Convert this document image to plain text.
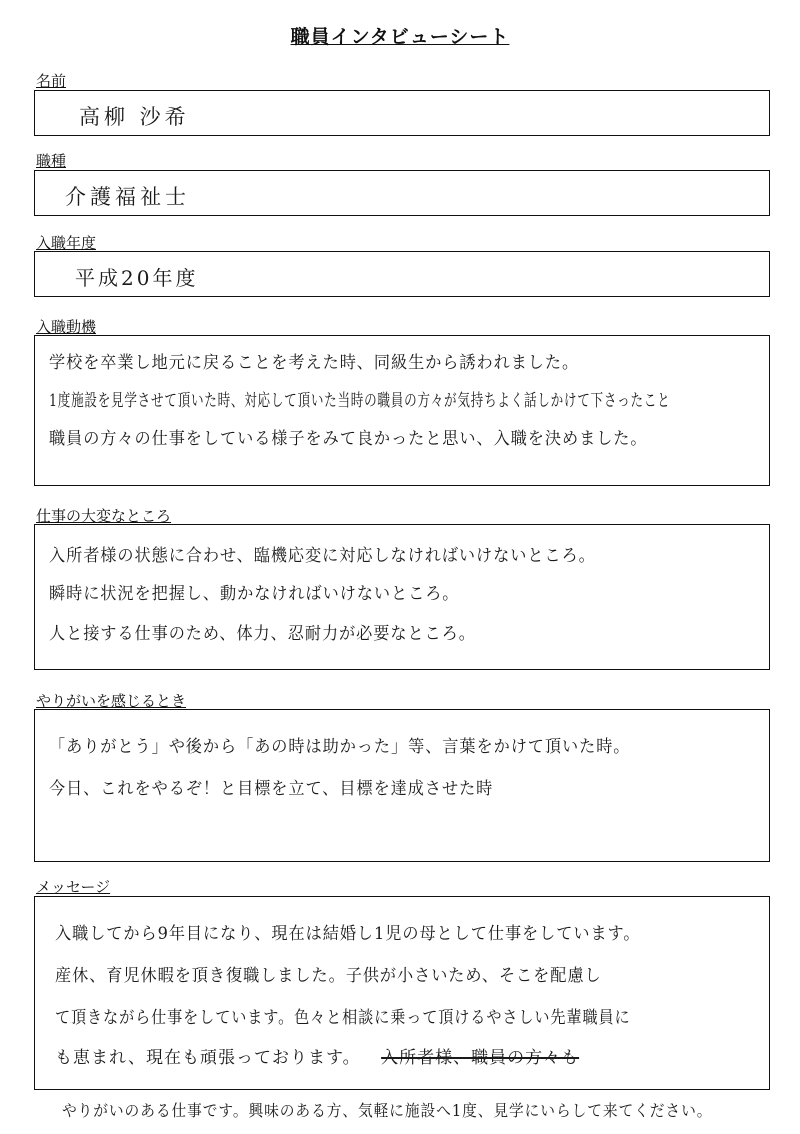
職員インタビューシート
名前
高柳 沙希
職種
介護福祉士
入職年度
平成20年度
入職動機
学校を卒業し地元に戻ることを考えた時、同級生から誘われました。
1度施設を見学させて頂いた時、対応して頂いた当時の職員の方々が気持ちよく話しかけて下さったこと
職員の方々の仕事をしている様子をみて良かったと思い、入職を決めました。
仕事の大変なところ
入所者様の状態に合わせ、臨機応変に対応しなければいけないところ。
瞬時に状況を把握し、動かなければいけないところ。
人と接する仕事のため、体力、忍耐力が必要なところ。
やりがいを感じるとき
「ありがとう」や後から「あの時は助かった」等、言葉をかけて頂いた時。
今日、これをやるぞ！と目標を立て、目標を達成させた時
メッセージ
入職してから9年目になり、現在は結婚し1児の母として仕事をしています。
産休、育児休暇を頂き復職しました。子供が小さいため、そこを配慮し
て頂きながら仕事をしています。色々と相談に乗って頂けるやさしい先輩職員に
も恵まれ、現在も頑張っております。 入所者様、職員の方々も
やりがいのある仕事です。興味のある方、気軽に施設へ1度、見学にいらして来てください。
